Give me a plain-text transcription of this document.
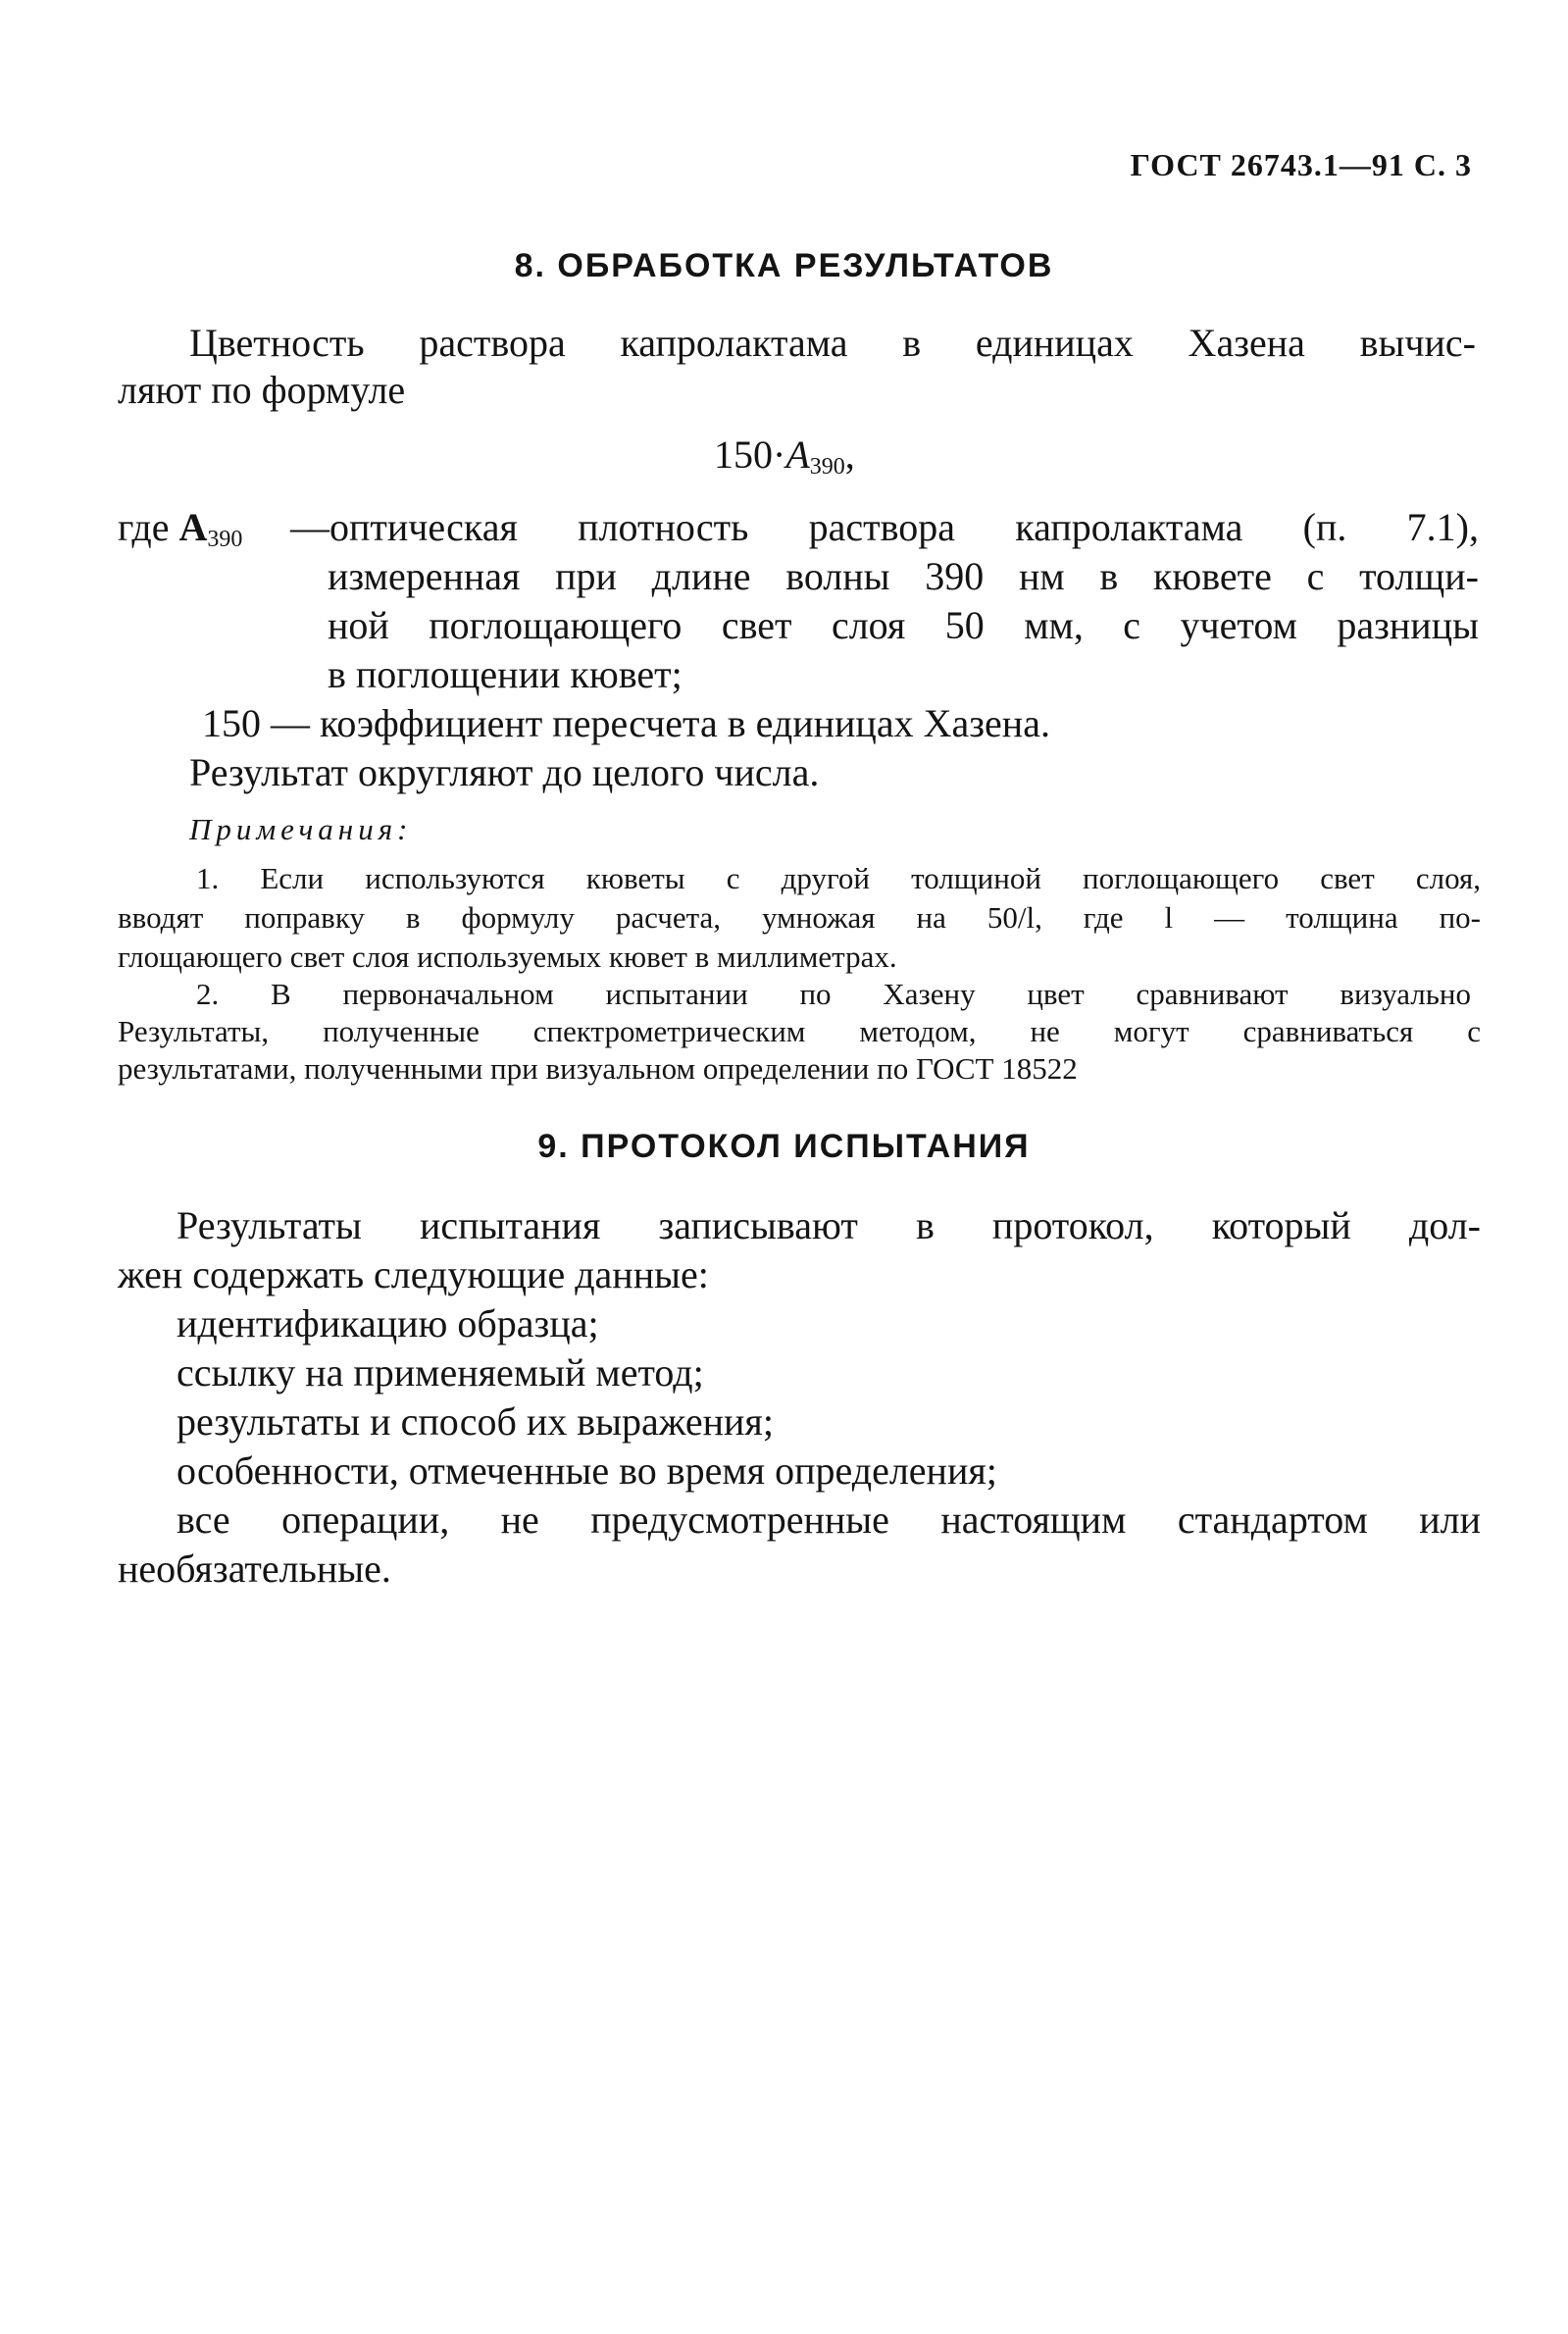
ГОСТ 26743.1—91 С. 3
8. ОБРАБОТКА РЕЗУЛЬТАТОВ
Цветность раствора капролактама в единицах Хазена вычис-
ляют по формуле
$150\cdot A_{390}$,
где $A_{390}$ —оптическая плотность раствора капролактама (п. 7.1),
измеренная при длине волны 390 нм в кювете с толщи-
ной поглощающего свет слоя 50 мм, с учетом разницы
в поглощении кювет;
150 — коэффициент пересчета в единицах Хазена.
Результат округляют до целого числа.
Примечания:
1. Если используются кюветы с другой толщиной поглощающего свет слоя,
вводят поправку в формулу расчета, умножая на 50/l, где l — толщина по-
глощающего свет слоя используемых кювет в миллиметрах.
2. В первоначальном испытании по Хазену цвет сравнивают визуально
Результаты, полученные спектрометрическим методом, не могут сравниваться с
результатами, полученными при визуальном определении по ГОСТ 18522
9. ПРОТОКОЛ ИСПЫТАНИЯ
Результаты испытания записывают в протокол, который дол-
жен содержать следующие данные:
идентификацию образца;
ссылку на применяемый метод;
результаты и способ их выражения;
особенности, отмеченные во время определения;
все операции, не предусмотренные настоящим стандартом или
необязательные.
